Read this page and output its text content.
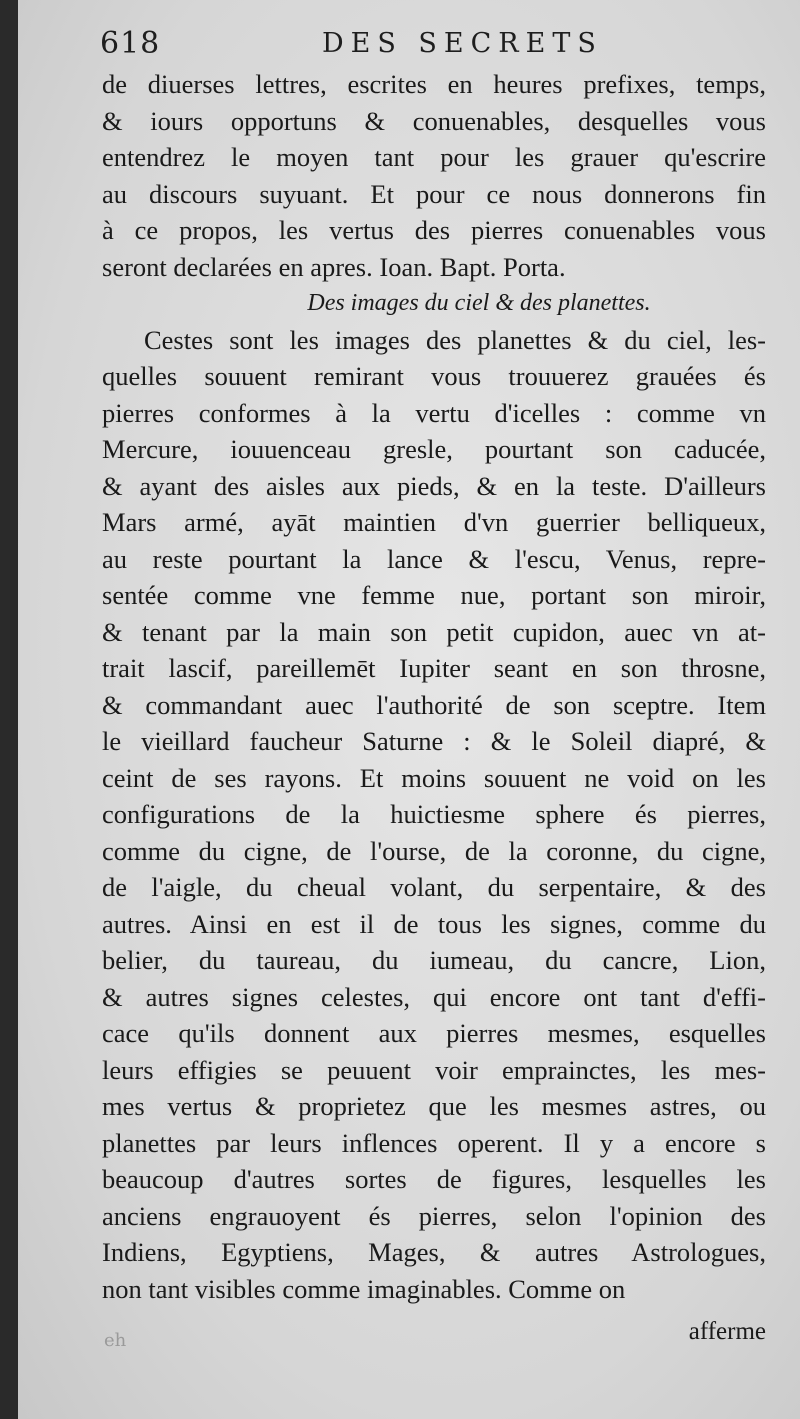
618	DES SECRETS
de diuerses lettres, escrites en heures prefixes, temps,
& iours opportuns & conuenables, desquelles vous
entendrez le moyen tant pour les grauer qu'escrire
au discours suyuant. Et pour ce nous donnerons fin
à ce propos, les vertus des pierres conuenables vous
seront declarées en apres. Ioan. Bapt. Porta.
Des images du ciel & des planettes.
Cestes sont les images des planettes & du ciel, les-
quelles souuent remirant vous trouuerez grauées és
pierres conformes à la vertu d'icelles : comme vn
Mercure, iouuenceau gresle, pourtant son caducée,
& ayant des aisles aux pieds, & en la teste. D'ailleurs
Mars armé, ayāt maintien d'vn guerrier belliqueux,
au reste pourtant la lance & l'escu, Venus, repre-
sentée comme vne femme nue, portant son miroir,
& tenant par la main son petit cupidon, auec vn at-
trait lascif, pareillemēt Iupiter seant en son throsne,
& commandant auec l'authorité de son sceptre. Item
le vieillard faucheur Saturne : & le Soleil diapré, &
ceint de ses rayons. Et moins souuent ne void on les
configurations de la huictiesme sphere és pierres,
comme du cigne, de l'ourse, de la coronne, du cigne,
de l'aigle, du cheual volant, du serpentaire, & des
autres. Ainsi en est il de tous les signes, comme du
belier, du taureau, du iumeau, du cancre, Lion,
& autres signes celestes, qui encore ont tant d'effi-
cace qu'ils donnent aux pierres mesmes, esquelles
leurs effigies se peuuent voir emprainctes, les mes-
mes vertus & proprietez que les mesmes astres, ou
planettes par leurs inflences operent. Il y a encore s
beaucoup d'autres sortes de figures, lesquelles les
anciens engrauoyent és pierres, selon l'opinion des
Indiens, Egyptiens, Mages, & autres Astrologues,
non tant visibles comme imaginables. Comme on
eh	afferme
